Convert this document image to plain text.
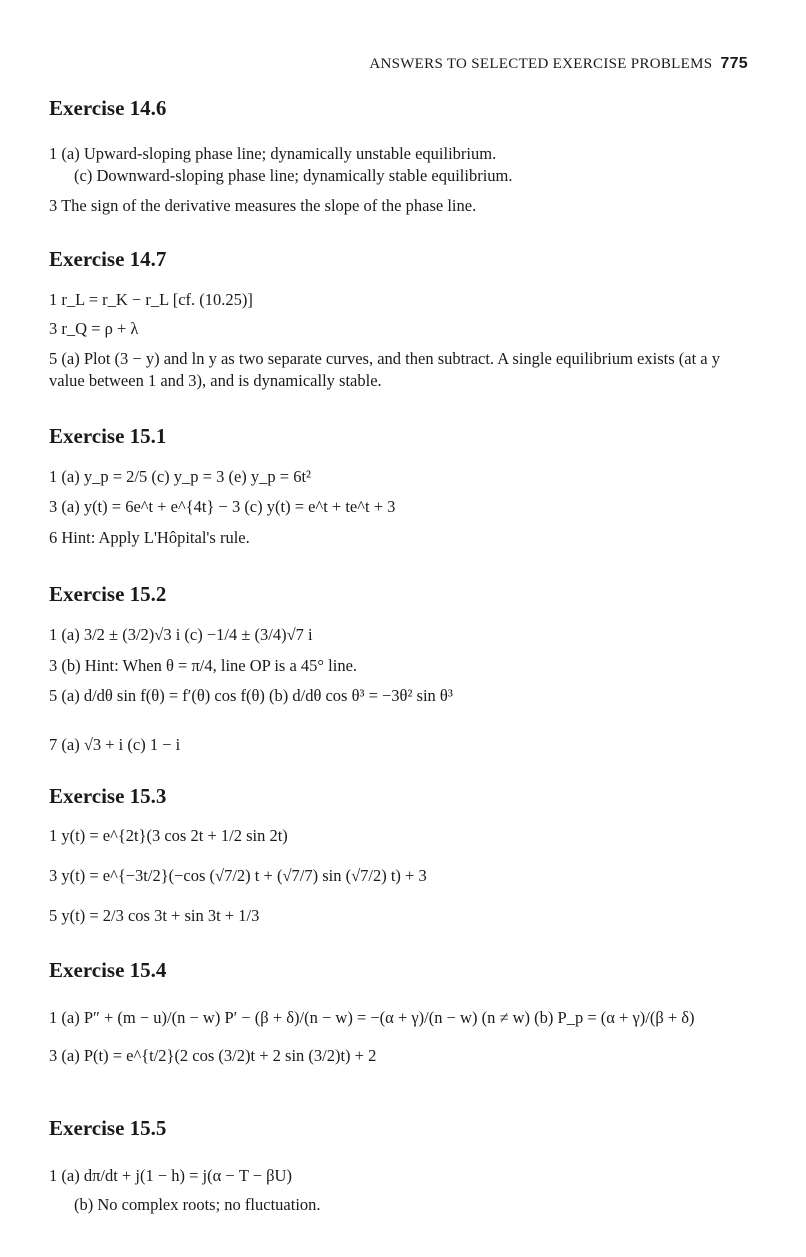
ANSWERS TO SELECTED EXERCISE PROBLEMS 775
Exercise 14.6
1 (a) Upward-sloping phase line; dynamically unstable equilibrium.
(c) Downward-sloping phase line; dynamically stable equilibrium.
3 The sign of the derivative measures the slope of the phase line.
Exercise 14.7
1 r_L = r_K − r_L [cf. (10.25)]
3 r_Q = ρ + λ
5 (a) Plot (3 − y) and ln y as two separate curves, and then subtract. A single equilibrium exists (at a y value between 1 and 3), and is dynamically stable.
Exercise 15.1
1 (a) y_p = 2/5 (c) y_p = 3 (e) y_p = 6t²
3 (a) y(t) = 6e^t + e^{4t} − 3 (c) y(t) = e^t + te^t + 3
6 Hint: Apply L'Hôpital's rule.
Exercise 15.2
1 (a) 3/2 ± (3/2)√3 i (c) −1/4 ± (3/4)√7 i
3 (b) Hint: When θ = π/4, line OP is a 45° line.
5 (a) d/dθ sin f(θ) = f′(θ) cos f(θ) (b) d/dθ cos θ³ = −3θ² sin θ³
7 (a) √3 + i (c) 1 − i
Exercise 15.3
1 y(t) = e^{2t}(3 cos 2t + 1/2 sin 2t)
3 y(t) = e^{−3t/2}(−cos (√7/2) t + (√7/7) sin (√7/2) t) + 3
5 y(t) = 2/3 cos 3t + sin 3t + 1/3
Exercise 15.4
1 (a) P″ + (m − u)/(n − w) P′ − (β + δ)/(n − w) = −(α + γ)/(n − w) (n ≠ w) (b) P_p = (α + γ)/(β + δ)
3 (a) P(t) = e^{t/2}(2 cos (3/2)t + 2 sin (3/2)t) + 2
Exercise 15.5
1 (a) dπ/dt + j(1 − h) = j(α − T − βU)
(b) No complex roots; no fluctuation.
